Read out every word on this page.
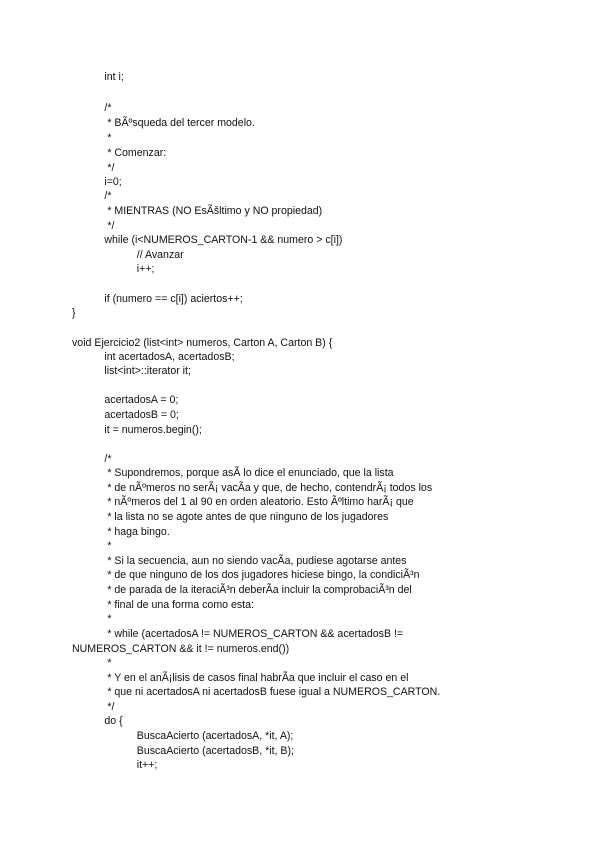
int i;
/*
* BÃºsqueda del tercer modelo.
*
* Comenzar:
*/
i=0;
/*
* MIENTRAS (NO EsÃšltimo y NO propiedad)
*/
while (i<NUMEROS_CARTON-1 && numero > c[i])
// Avanzar
i++;
if (numero == c[i]) aciertos++;
}
void Ejercicio2 (list<int> numeros, Carton A, Carton B) {
int acertadosA, acertadosB;
list<int>::iterator it;
acertadosA = 0;
acertadosB = 0;
it = numeros.begin();
/*
* Supondremos, porque asÃ lo dice el enunciado, que la lista
* de nÃºmeros no serÃ¡ vacÃa y que, de hecho, contendrÃ¡ todos los
* nÃºmeros del 1 al 90 en orden aleatorio. Esto Ãºltimo harÃ¡ que
* la lista no se agote antes de que ninguno de los jugadores
* haga bingo.
*
* Si la secuencia, aun no siendo vacÃa, pudiese agotarse antes
* de que ninguno de los dos jugadores hiciese bingo, la condiciÃ³n
* de parada de la iteraciÃ³n deberÃa incluir la comprobaciÃ³n del
* final de una forma como esta:
*
* while (acertadosA != NUMEROS_CARTON && acertadosB !=
NUMEROS_CARTON && it != numeros.end())
*
* Y en el anÃ¡lisis de casos final habrÃa que incluir el caso en el
* que ni acertadosA ni acertadosB fuese igual a NUMEROS_CARTON.
*/
do {
BuscaAcierto (acertadosA, *it, A);
BuscaAcierto (acertadosB, *it, B);
it++;
